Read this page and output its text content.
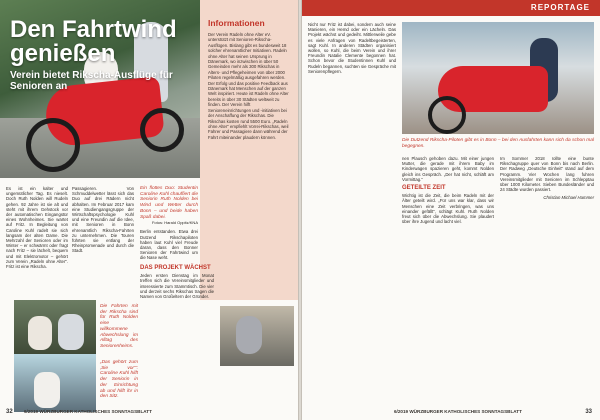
Den Fahrtwind genießen
Verein bietet Rikscha-Ausflüge für Senioren an
Informationen

Der Verein Radeln ohne Alter eV. unterstützt mit Senioren-Rikscha-Ausflügen. Bislang gibt es bundesweit 18 solcher ehrenamtlicher Initiativen. Radeln ohne Alter hat seinen Ursprung in Dänemark, wo inzwischen in über 50 Gemeinden mehr als 300 Rikschas in Alters- und Pflegeheimen von über 2000 Piloten regelmäßig ausgefahren werden. Der Erfolg und das positive Feedback aus Dänemark hat Menschen auf der ganzen Welt inspiriert. Heute ist Radeln ohne Alter bereits in über 30 Städten weltweit zu finden. Der Verein hilft Senioreneinrichtungen und -initiativen bei der Anschaffung der Rikschas. Die Rikschas kosten rund 5500 Euro. „Radeln ohne Alter“ empfiehlt Vorrei-Rikschas, weil Fahrer und Passagiere dann während der Fahrt miteinander plaudern können.

Es ist ein kalter und ungemütlicher Tag. Es nieselt. Doch Ruth Nolden will Rudeln gehen. 92 Jahre ist sie alt und steht mit ihrem Gehstock vor der automatischen Eingangstür eines Wohnheimes. Sie wartet auf Fritz. In Begleitung von Caroline Kuhl radelt sie sich langsam der alten Dame. Die Mehrzahl der Senioren oder im Winter – er schwärmt oder fragt nach Fritz – sie lächelt, bequem und mit Elektromotor – gehört zum Verein „Radeln ohne Alter“. Fritz ist eine Rikscha.
Passagieren. Von Schmuddelwetter lässt sich das Duo auf drei Rädern nicht abhalten. Im Februar 2017 kam eine Studiengangsgruppe der Wirtschaftspsychologie Kuhl und eine Freundin auf die Idee, mit Senioren in Bonn ehrenamtlich Rikscha-Fahrten zu unternehmen. Die Touren führten sie entlang der Rheinpromenade und durch die Stadt.
Ein flottes Duo: Studentin Caroline Kuhl chauffiert die Seniorin Ruth Nolden bei Wind und Wetter durch Bonn – und beide haben Spaß dabei.
Fotos: Harald Oppitz/KNA
Berlin entstanden. Etwa drei Dutzend Rikschapiloten haben laut Kuhl viel Freude daran, dass den Bonner Senioren der Fahrtwind um die Nase weht.
DAS PROJEKT WÄCHST
Jeden ersten Dienstag im Monat treffen sich die Vereinsmitglieder und interessierte zum Stammtisch. Die vier und derzeit sechs Rikschas tragen die Namen von Großeltern der Gründer.
Die Fahrten mit der Rikscha sind für Ruth Nolden eine willkommene Abwechslung im Alltag des Seniorenheims.
„Das gehört zum ‚Sie vor‘“: Caroline Kuhl hilft der Seniorin in der Einrichtung ab und hilft ihr in den Sitz.
32 6/2019 WÜRZBURGER KATHOLISCHES SONNTAGSBLATT
REPORTAGE
Die Dutzend Rikscha-Piloten gibt es in Bonn – bei den Ausfahrten kann sich da schon mal begegnen.
Nicht nur Fritz ist dabei, sondern auch seine Manieren, ein Hemd oder ein Lächeln. Das Projekt wächst und gedeiht. Mittlerweile gebe es viele Anfragen von Radeltbegeisterten, sagt Kuhl. In anderen Städten organisiert wollen, so Kuhl, die beim Verein und ihrer Freundin Natalie Clemente begonnen hat. Schon bevor die Studentinnen Kuhl und Rudeln begannen, suchten sie Gespräche mit Seniorenpflegern.
nen Plausch gehoben dazu. Mit einer jungen Mutter, die gerade mit ihrem Baby im Kinderwagen spazieren geht, kommt Nolden gleich ins Gespräch. „Der hat nicht, schläft am Vormittag.“
GETEILTE ZEIT
Wichtig ist die Zeit, die beim Radeln mit der Älter geteilt wird. „Für uns war klar, dass wir Menschen eine Zeit verbringen, was uns einander gefällt“, schlägt Kuhl. Ruth Nolden freut sich über die Abwechslung. Sie plaudert über ihre Jugend und lacht viel.
Im Sommer 2018 rollte eine bunte Rikschagruppe quer von Bonn bis nach Berlin. Der Radweg „Deutsche Einheit“ stand auf dem Programm. Vier Wochen lang fuhren Vereinsmitglieder mit Senioren im Schlepptau über 1000 Kilometer. Sieben Bundesländer und 24 Städte wurden passiert.
Christian Michael Hammer
6/2019 WÜRZBURGER KATHOLISCHES SONNTAGSBLATT	33
